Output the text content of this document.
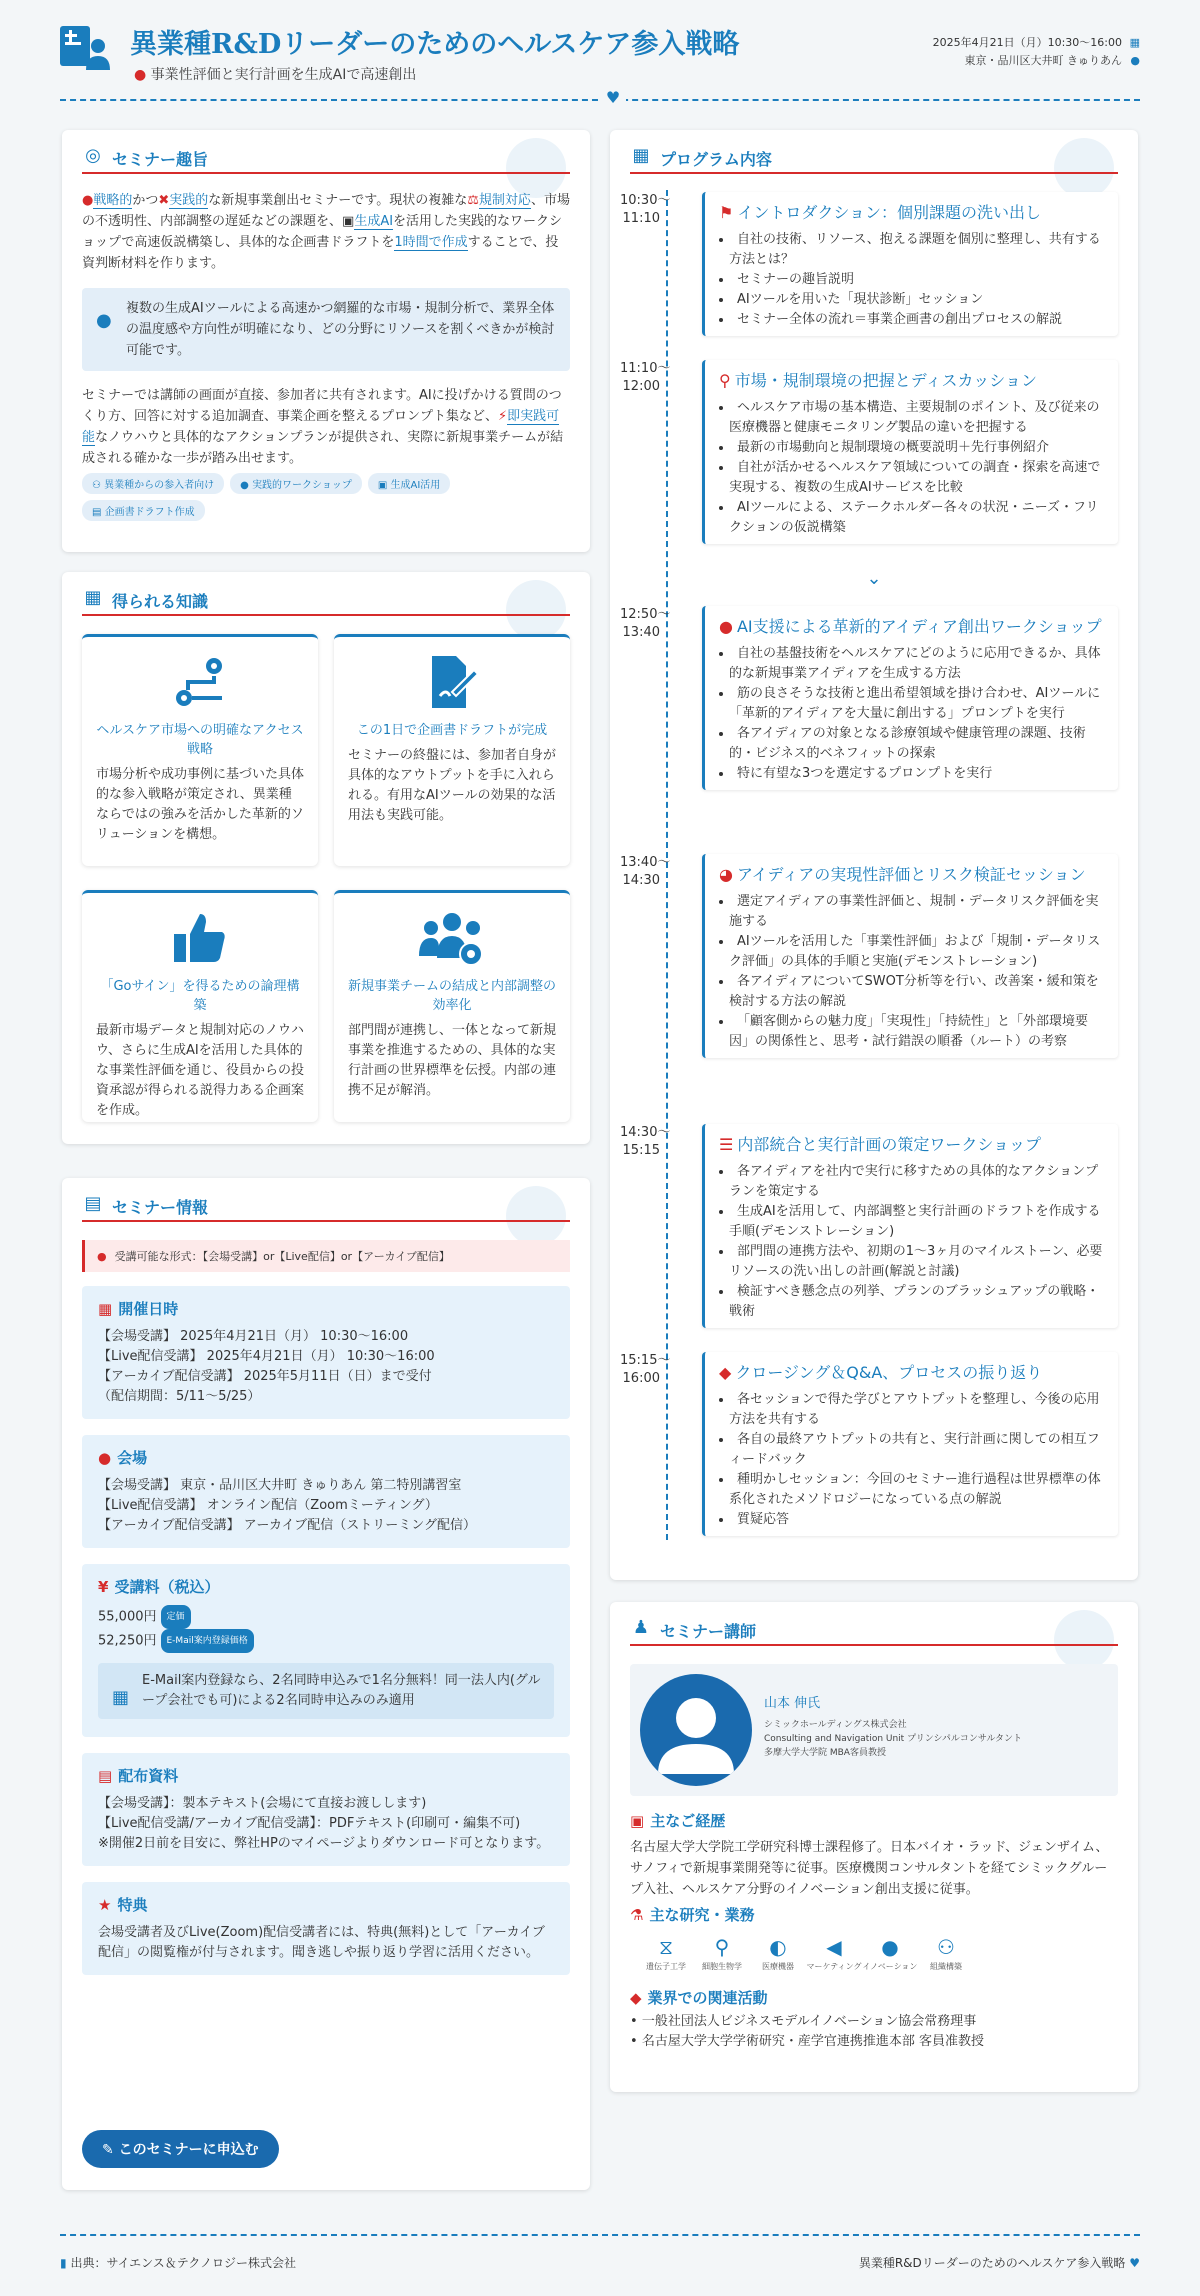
異業種R&Dリーダーのためのヘルスケア参入戦略
● 事業性評価と実行計画を生成AIで高速創出
2025年4月21日（月）10:30〜16:00 ▦
東京・品川区大井町 きゅりあん ●
♥
◎ セミナー趣旨

●戦略的かつ✖実践的な新規事業創出セミナーです。現状の複雑な⚖規制対応、市場の不透明性、内部調整の遅延などの課題を、▣生成AIを活用した実践的なワークショップで高速仮説構築し、具体的な企画書ドラフトを1時間で作成することで、投資判断材料を作ります。

●
複数の生成AIツールによる高速かつ網羅的な市場・規制分析で、業界全体の温度感や方向性が明確になり、どの分野にリソースを割くべきかが検討可能です。

セミナーでは講師の画面が直接、参加者に共有されます。AIに投げかける質問のつくり方、回答に対する追加調査、事業企画を整えるプロンプト集など、⚡即実践可能なノウハウと具体的なアクションプランが提供され、実際に新規事業チームが結成される確かな一歩が踏み出せます。

⚇ 異業種からの参入者向け	● 実践的ワークショップ	▣ 生成AI活用
▤ 企画書ドラフト作成
▦ 得られる知識
ヘルスケア市場への明確なアクセス戦略
市場分析や成功事例に基づいた具体的な参入戦略が策定され、異業種ならではの強みを活かした革新的ソリューションを構想。
この1日で企画書ドラフトが完成
セミナーの終盤には、参加者自身が具体的なアウトプットを手に入れられる。有用なAIツールの効果的な活用法も実践可能。
「Goサイン」を得るための論理構築
最新市場データと規制対応のノウハウ、さらに生成AIを活用した具体的な事業性評価を通じ、役員からの投資承認が得られる説得力ある企画案を作成。
新規事業チームの結成と内部調整の効率化
部門間が連携し、一体となって新規事業を推進するための、具体的な実行計画の世界標準を伝授。内部の連携不足が解消。
▤ セミナー情報
● 受講可能な形式：【会場受講】or【Live配信】or【アーカイブ配信】
▦ 開催日時
【会場受講】 2025年4月21日（月） 10:30〜16:00
【Live配信受講】 2025年4月21日（月） 10:30〜16:00
【アーカイブ配信受講】 2025年5月11日（日）まで受付
（配信期間：5/11〜5/25）
● 会場
【会場受講】 東京・品川区大井町 きゅりあん 第二特別講習室
【Live配信受講】 オンライン配信（Zoomミーティング）
【アーカイブ配信受講】 アーカイブ配信（ストリーミング配信）
¥ 受講料（税込）
55,000円 定価
52,250円 E-Mail案内登録価格
▦
E-Mail案内登録なら、2名同時申込みで1名分無料！同一法人内(グループ会社でも可)による2名同時申込みのみ適用
▤ 配布資料
【会場受講】：製本テキスト(会場にて直接お渡しします)
【Live配信受講/アーカイブ配信受講】：PDFテキスト(印刷可・編集不可)
※開催2日前を目安に、弊社HPのマイページよりダウンロード可となります。
★ 特典
会場受講者及びLive(Zoom)配信受講者には、特典(無料)として「アーカイブ配信」の閲覧権が付与されます。聞き逃しや振り返り学習に活用ください。
✎ このセミナーに申込む
▦ プログラム内容
10:30〜11:10	⚑ イントロダクション：個別課題の洗い出し
• 自社の技術、リソース、抱える課題を個別に整理し、共有する方法とは？
• セミナーの趣旨説明
• AIツールを用いた「現状診断」セッション
• セミナー全体の流れ＝事業企画書の創出プロセスの解説
11:10〜12:00	⚲ 市場・規制環境の把握とディスカッション
• ヘルスケア市場の基本構造、主要規制のポイント、及び従来の医療機器と健康モニタリング製品の違いを把握する
• 最新の市場動向と規制環境の概要説明＋先行事例紹介
• 自社が活かせるヘルスケア領域についての調査・探索を高速で実現する、複数の生成AIサービスを比較
• AIツールによる、ステークホルダー各々の状況・ニーズ・フリクションの仮説構築
⌄
12:50〜13:40	● AI支援による革新的アイディア創出ワークショップ
• 自社の基盤技術をヘルスケアにどのように応用できるか、具体的な新規事業アイディアを生成する方法
• 筋の良さそうな技術と進出希望領域を掛け合わせ、AIツールに「革新的アイディアを大量に創出する」プロンプトを実行
• 各アイディアの対象となる診療領域や健康管理の課題、技術的・ビジネス的ベネフィットの探索
• 特に有望な3つを選定するプロンプトを実行
13:40〜14:30	◕ アイディアの実現性評価とリスク検証セッション
• 選定アイディアの事業性評価と、規制・データリスク評価を実施する
• AIツールを活用した「事業性評価」および「規制・データリスク評価」の具体的手順と実施(デモンストレーション)
• 各アイディアについてSWOT分析等を行い、改善案・緩和策を検討する方法の解説
• 「顧客側からの魅力度」「実現性」「持続性」と「外部環境要因」の関係性と、思考・試行錯誤の順番（ルート）の考察
14:30〜15:15	☰ 内部統合と実行計画の策定ワークショップ
• 各アイディアを社内で実行に移すための具体的なアクションプランを策定する
• 生成AIを活用して、内部調整と実行計画のドラフトを作成する手順(デモンストレーション)
• 部門間の連携方法や、初期の1〜3ヶ月のマイルストーン、必要リソースの洗い出しの計画(解説と討議)
• 検証すべき懸念点の列挙、プランのブラッシュアップの戦略・戦術
15:15〜16:00	◆ クロージング＆Q&A、プロセスの振り返り
• 各セッションで得た学びとアウトプットを整理し、今後の応用方法を共有する
• 各自の最終アウトプットの共有と、実行計画に関しての相互フィードバック
• 種明かしセッション：今回のセミナー進行過程は世界標準の体系化されたメソドロジーになっている点の解説
• 質疑応答
♟ セミナー講師
山本 伸氏
シミックホールディングス株式会社
Consulting and Navigation Unit プリンシパルコンサルタント
多摩大学大学院 MBA客員教授
▣ 主なご経歴
名古屋大学大学院工学研究科博士課程修了。日本バイオ・ラッド、ジェンザイム、サノフィで新規事業開発等に従事。医療機関コンサルタントを経てシミックグループ入社、ヘルスケア分野のイノベーション創出支援に従事。
⚗ 主な研究・業務
⧖
遺伝子工学
⚲
細胞生物学
◐
医療機器
◀
マーケティング
●
イノベーション
⚇
組織構築
◆ 業界での関連活動
• 一般社団法人ビジネスモデルイノベーション協会常務理事
• 名古屋大学大学学術研究・産学官連携推進本部 客員准教授
▮ 出典：サイエンス＆テクノロジー株式会社	異業種R&Dリーダーのためのヘルスケア参入戦略 ♥
